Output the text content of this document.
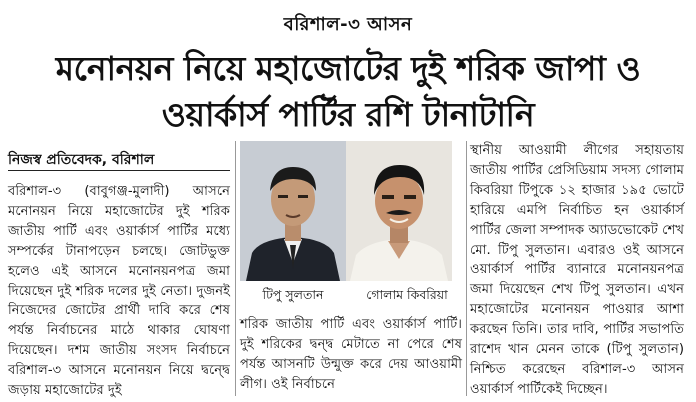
বরিশাল-৩ আসন
মনোনয়ন নিয়ে মহাজোটের দুই শরিক জাপা ও
ওয়ার্কার্স পার্টির রশি টানাটানি
নিজস্ব প্রতিবেদক, বরিশাল

বরিশাল-৩ (বাবুগঞ্জ-মুলাদী) আসনে মনোনয়ন নিয়ে মহাজোটের দুই শরিক জাতীয় পার্টি এবং ওয়ার্কার্স পার্টির মধ্যে সম্পর্কের টানাপড়েন চলছে। জোটভুক্ত হলেও এই আসনে মনোনয়নপত্র জমা দিয়েছেন দুই শরিক দলের দুই নেতা। দুজনই নিজেদের জোটের প্রার্থী দাবি করে শেষ পর্যন্ত নির্বাচনের মাঠে থাকার ঘোষণা দিয়েছেন। দশম জাতীয় সংসদ নির্বাচনে বরিশাল-৩ আসনে মনোনয়ন নিয়ে দ্বন্দ্বে জড়ায় মহাজোটের দুই

টিপু সুলতান	গোলাম কিবরিয়া

শরিক জাতীয় পার্টি এবং ওয়ার্কার্স পার্টি। দুই শরিকের দ্বন্দ্ব মেটাতে না পেরে শেষ পর্যন্ত আসনটি উন্মুক্ত করে দেয় আওয়ামী লীগ। ওই নির্বাচনে

স্থানীয় আওয়ামী লীগের সহায়তায় জাতীয় পার্টির প্রেসিডিয়াম সদস্য গোলাম কিবরিয়া টিপুকে ১২ হাজার ১৯৫ ভোটে হারিয়ে এমপি নির্বাচিত হন ওয়ার্কার্স পার্টির জেলা সম্পাদক অ্যাডভোকেট শেখ মো. টিপু সুলতান। এবারও ওই আসনে ওয়ার্কার্স পার্টির ব্যানারে মনোনয়নপত্র জমা দিয়েছেন শেখ টিপু সুলতান। এখন মহাজোটের মনোনয়ন পাওয়ার আশা করছেন তিনি। তার দাবি, পার্টির সভাপতি রাশেদ খান মেনন তাকে (টিপু সুলতান) নিশ্চিত করেছেন বরিশাল-৩ আসন ওয়ার্কার্স পার্টিকেই দিচ্ছেন।
